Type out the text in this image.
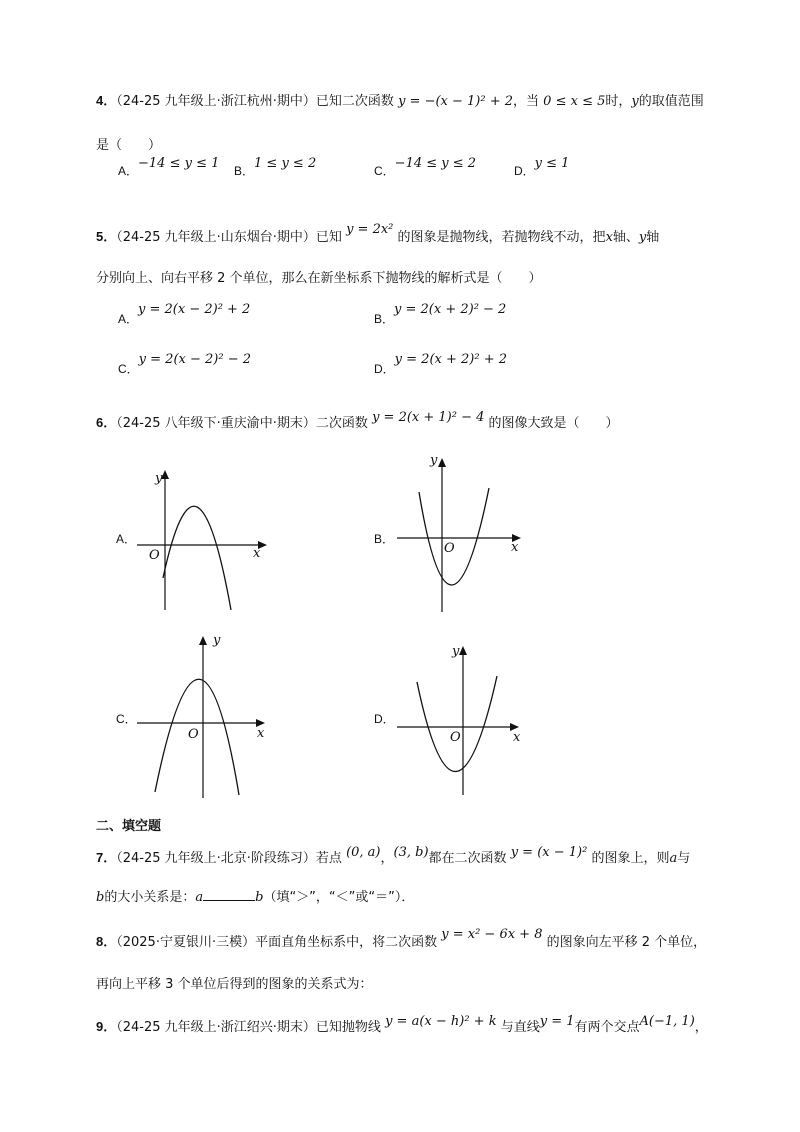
4．（24-25 九年级上·浙江杭州·期中）已知二次函数 y = −(x − 1)² + 2，当 0 ≤ x ≤ 5时，y的取值范围
是（　　）
A．−14 ≤ y ≤ 1 B．1 ≤ y ≤ 2	C．−14 ≤ y ≤ 2	D．y ≤ 1
5．（24-25 九年级上·山东烟台·期中）已知 y = 2x² 的图象是抛物线，若抛物线不动，把x轴、y轴
分别向上、向右平移 2 个单位，那么在新坐标系下抛物线的解析式是（　　）
A．y = 2(x − 2)² + 2
B．y = 2(x + 2)² − 2
C．y = 2(x − 2)² − 2
D．y = 2(x + 2)² + 2
6．（24-25 八年级下·重庆渝中·期末）二次函数 y = 2(x + 1)² − 4 的图像大致是（　　）
A．
x
y
O
B．
x
y
O
C．
x
y
O
D．
x
y
O
二、填空题
7．（24-25 九年级上·北京·阶段练习）若点 (0, a)，(3, b)都在二次函数 y = (x − 1)² 的图象上，则a与
b的大小关系是：a	b（填“＞”，“＜”或“＝”）．
8．（2025·宁夏银川·三模）平面直角坐标系中，将二次函数 y = x² − 6x + 8 的图象向左平移 2 个单位，
再向上平移 3 个单位后得到的图象的关系式为：
9．（24-25 九年级上·浙江绍兴·期末）已知抛物线 y = a(x − h)² + k 与直线y = 1有两个交点A(−1, 1)，
